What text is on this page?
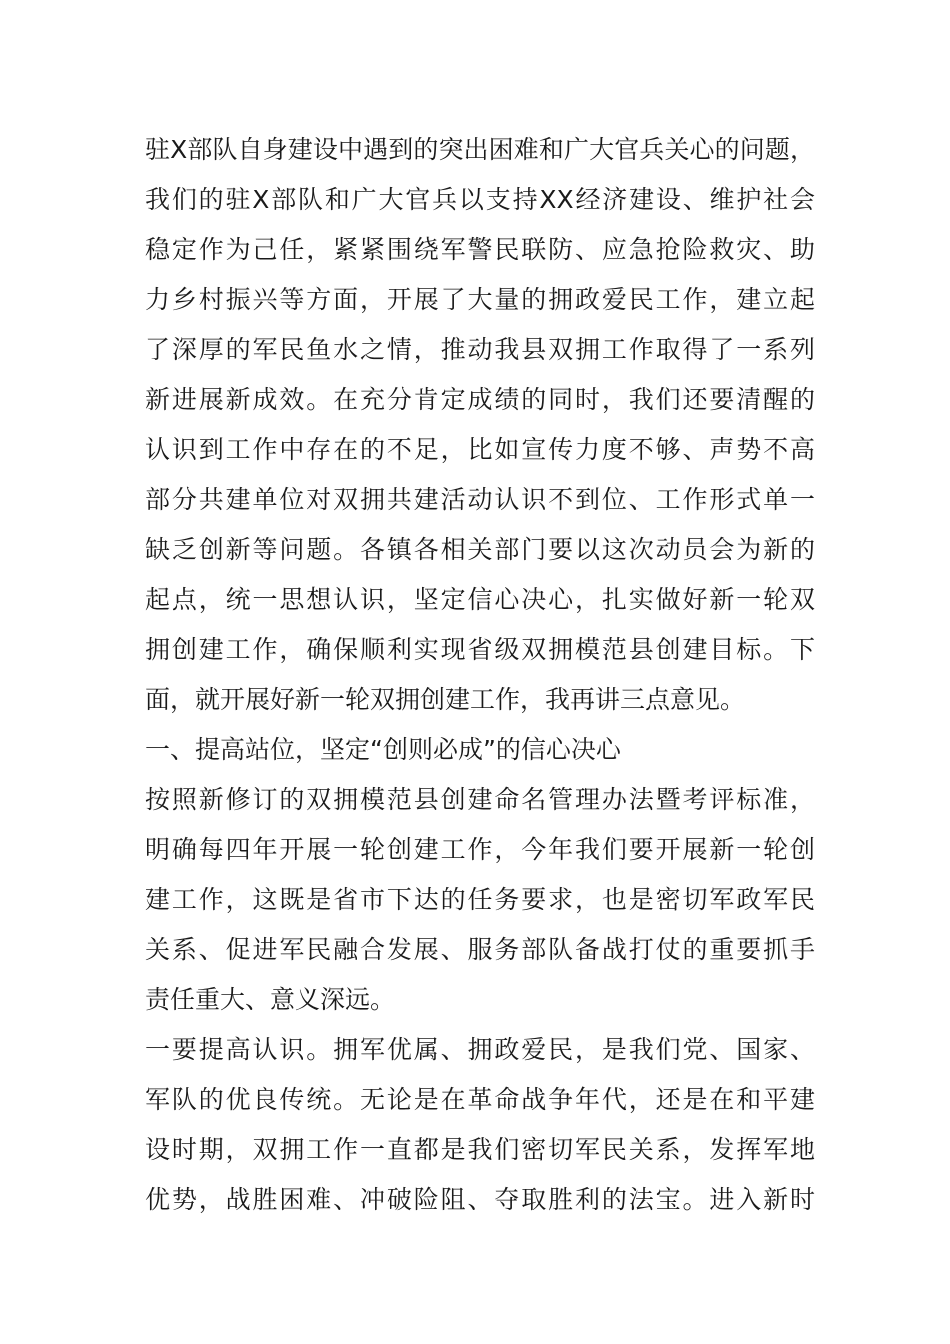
驻X部队自身建设中遇到的突出困难和广大官兵关心的问题，
我们的驻X部队和广大官兵以支持XX经济建设、维护社会
稳定作为己任，紧紧围绕军警民联防、应急抢险救灾、助
力乡村振兴等方面，开展了大量的拥政爱民工作，建立起
了深厚的军民鱼水之情，推动我县双拥工作取得了一系列
新进展新成效。在充分肯定成绩的同时，我们还要清醒的
认识到工作中存在的不足，比如宣传力度不够、声势不高
部分共建单位对双拥共建活动认识不到位、工作形式单一
缺乏创新等问题。各镇各相关部门要以这次动员会为新的
起点，统一思想认识，坚定信心决心，扎实做好新一轮双
拥创建工作，确保顺利实现省级双拥模范县创建目标。下
面，就开展好新一轮双拥创建工作，我再讲三点意见。
一、提高站位，坚定“创则必成”的信心决心
按照新修订的双拥模范县创建命名管理办法暨考评标准，
明确每四年开展一轮创建工作，今年我们要开展新一轮创
建工作，这既是省市下达的任务要求，也是密切军政军民
关系、促进军民融合发展、服务部队备战打仗的重要抓手
责任重大、意义深远。
一要提高认识。拥军优属、拥政爱民，是我们党、国家、
军队的优良传统。无论是在革命战争年代，还是在和平建
设时期，双拥工作一直都是我们密切军民关系，发挥军地
优势，战胜困难、冲破险阻、夺取胜利的法宝。进入新时
